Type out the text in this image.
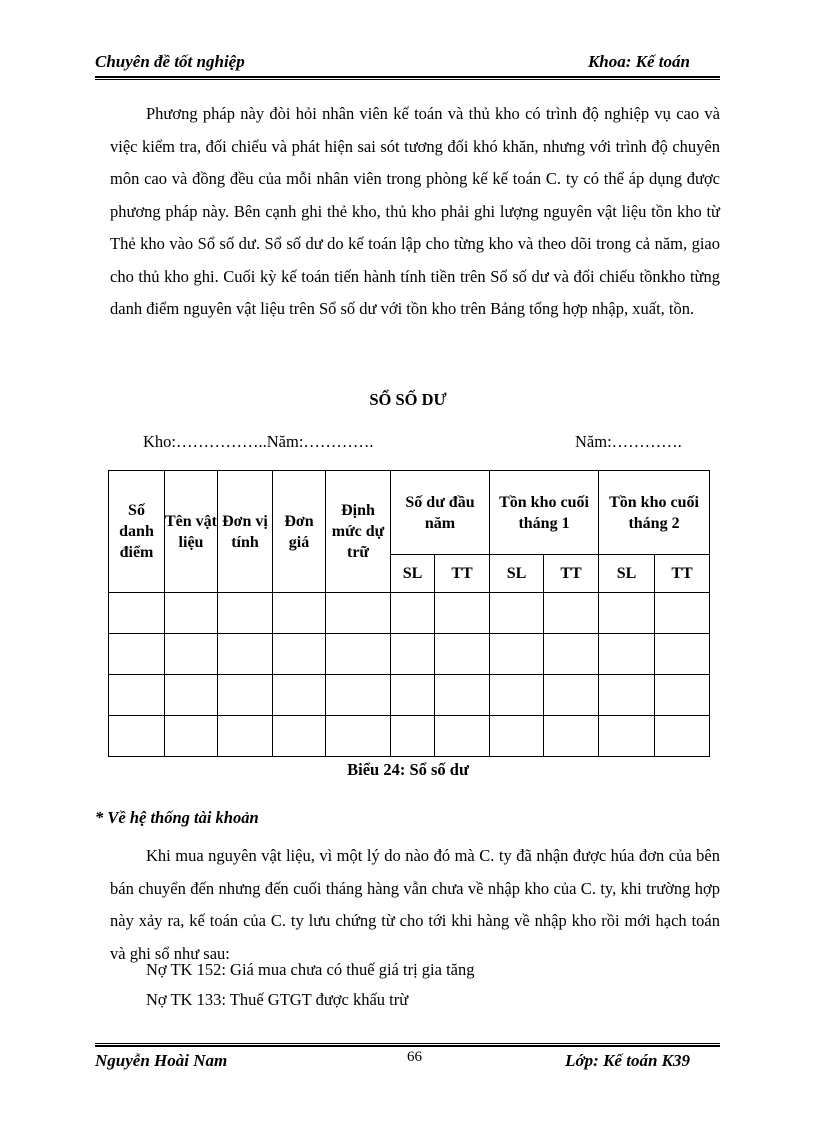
Chuyên đề tốt nghiệp	Khoa: Kế toán
Phương pháp này đòi hỏi nhân viên kế toán và thủ kho có trình độ nghiệp vụ cao và việc kiểm tra, đối chiếu và phát hiện sai sót tương đối khó khăn, nhưng với trình độ chuyên môn cao và đồng đều của mỗi nhân viên trong phòng kế kế toán C. ty có thể áp dụng được phương pháp này. Bên cạnh ghi thẻ kho, thủ kho phải ghi lượng nguyên vật liệu tồn kho từ Thẻ kho vào Sổ số dư. Sổ số dư do kế toán lập cho từng kho và theo dõi trong cả năm, giao cho thủ kho ghi. Cuối kỳ kế toán tiến hành tính tiền trên Sổ số dư và đối chiếu tồnkho từng danh điểm nguyên vật liệu trên Sổ số dư với tồn kho trên Bảng tổng hợp nhập, xuất, tồn.
SỔ SỐ DƯ
Kho:……………..Năm:………….	Năm:………….
Số danh điểm	Tên vật liệu	Đơn vị tính	Đơn giá	Định mức dự trữ	Số dư đầu năm		Tồn kho cuối tháng 1		Tồn kho cuối tháng 2	
					SL	TT	SL	TT	SL	TT

Biểu 24: Sổ số dư
* Về hệ thống tài khoản
Khi mua nguyên vật liệu, vì một lý do nào đó mà C. ty đã nhận được húa đơn của bên bán chuyển đến nhưng đến cuối tháng hàng vẫn chưa về nhập kho của C. ty, khi trường hợp này xảy ra, kế toán của C. ty lưu chứng từ cho tới khi hàng về nhập kho rồi mới hạch toán và ghi sổ như sau:
Nợ TK 152: Giá mua chưa có thuế giá trị gia tăng
Nợ TK 133: Thuế GTGT được khấu trừ
Nguyễn Hoài Nam	66	Lớp: Kế toán K39
